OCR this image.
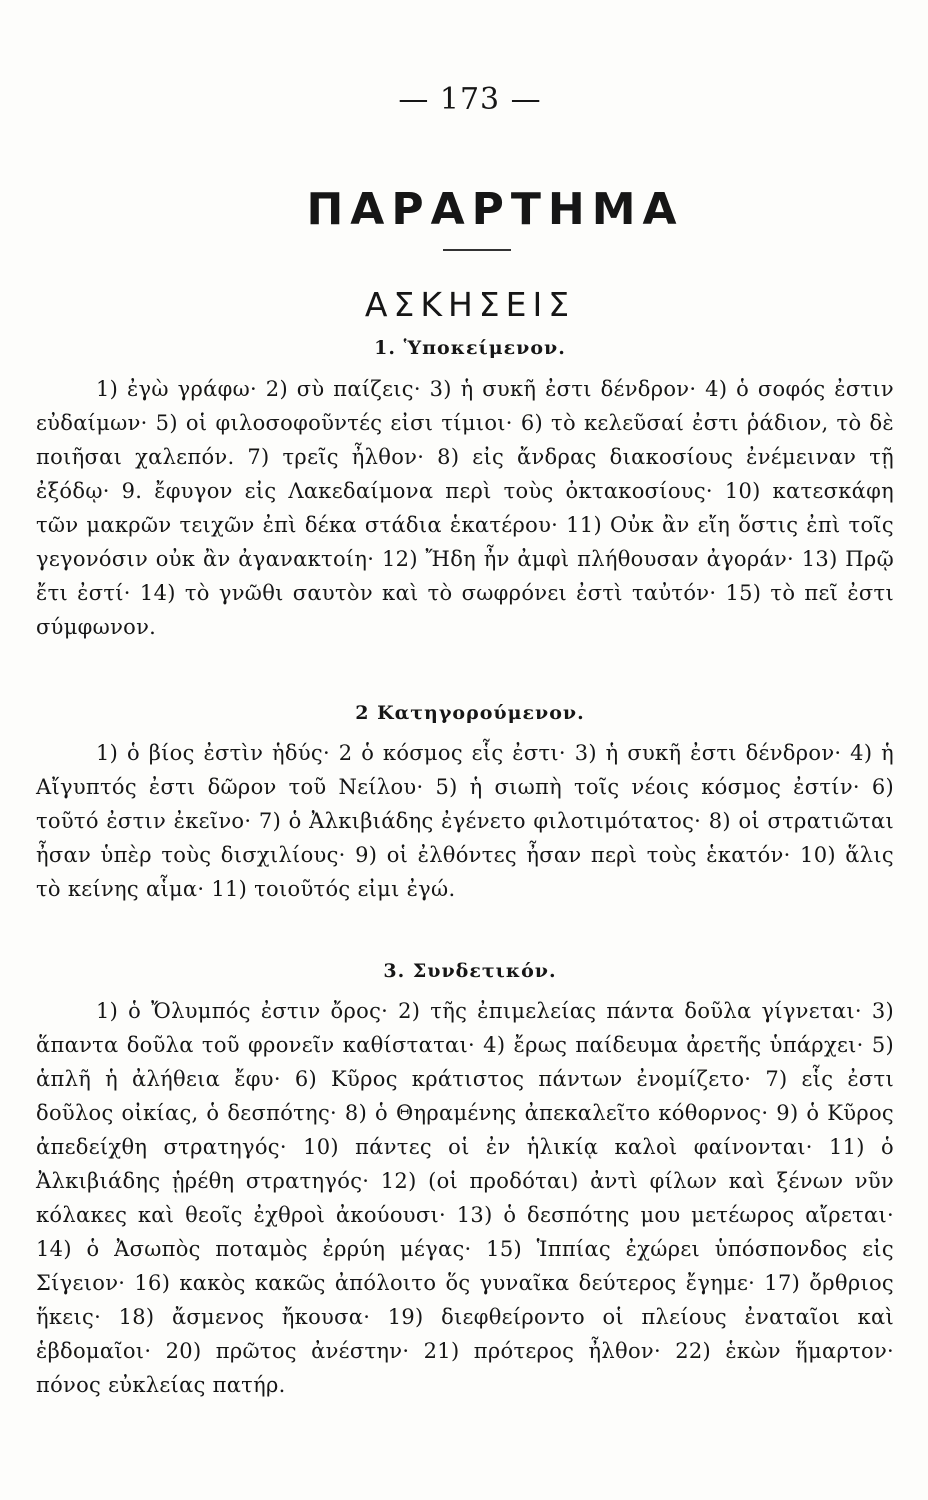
— 173 —
ΠΑΡΑΡΤΗΜΑ
ΑΣΚΗΣΕΙΣ
1. Ὑποκείμενον.
1) ἐγὼ γράφω· 2) σὺ παίζεις· 3) ἡ συκῆ ἐστι δένδρον· 4) ὁ σοφός ἐστιν εὐδαίμων· 5) οἱ φιλοσοφοῦντές εἰσι τίμιοι· 6) τὸ κελεῦσαί ἐστι ῥάδιον, τὸ δὲ ποιῆσαι χαλεπόν. 7) τρεῖς ἦλθον· 8) εἰς ἄνδρας διακοσίους ἐνέμειναν τῇ ἐξόδῳ· 9. ἔφυγον εἰς Λακεδαίμονα περὶ τοὺς ὀκτακοσίους· 10) κατεσκάφη τῶν μακρῶν τειχῶν ἐπὶ δέκα στάδια ἑκατέρου· 11) Οὐκ ἂν εἴη ὅστις ἐπὶ τοῖς γεγονόσιν οὐκ ἂν ἀγανακτοίη· 12) Ἤδη ἦν ἀμφὶ πλήθουσαν ἀγοράν· 13) Πρῷ ἔτι ἐστί· 14) τὸ γνῶθι σαυτὸν καὶ τὸ σωφρόνει ἐστὶ ταὐτόν· 15) τὸ πεῖ ἐστι σύμφωνον.
2 Κατηγορούμενον.
1) ὁ βίος ἐστὶν ἡδύς· 2 ὁ κόσμος εἷς ἐστι· 3) ἡ συκῆ ἐστι δένδρον· 4) ἡ Αἴγυπτός ἐστι δῶρον τοῦ Νείλου· 5) ἡ σιωπὴ τοῖς νέοις κόσμος ἐστίν· 6) τοῦτό ἐστιν ἐκεῖνο· 7) ὁ Ἀλκιβιάδης ἐγένετο φιλοτιμότατος· 8) οἱ στρατιῶται ἦσαν ὑπὲρ τοὺς δισχιλίους· 9) οἱ ἐλθόντες ἦσαν περὶ τοὺς ἑκατόν· 10) ἅλις τὸ κείνης αἷμα· 11) τοιοῦτός εἰμι ἐγώ.
3. Συνδετικόν.
1) ὁ Ὄλυμπός ἐστιν ὄρος· 2) τῆς ἐπιμελείας πάντα δοῦλα γίγνεται· 3) ἅπαντα δοῦλα τοῦ φρονεῖν καθίσταται· 4) ἔρως παίδευμα ἀρετῆς ὑπάρχει· 5) ἁπλῆ ἡ ἀλήθεια ἔφυ· 6) Κῦρος κράτιστος πάντων ἐνομίζετο· 7) εἷς ἐστι δοῦλος οἰκίας, ὁ δεσπότης· 8) ὁ Θηραμένης ἀπεκαλεῖτο κόθορνος· 9) ὁ Κῦρος ἀπεδείχθη στρατηγός· 10) πάντες οἱ ἐν ἡλικίᾳ καλοὶ φαίνονται· 11) ὁ Ἀλκιβιάδης ᾑρέθη στρατηγός· 12) (οἱ προδόται) ἀντὶ φίλων καὶ ξένων νῦν κόλακες καὶ θεοῖς ἐχθροὶ ἀκούουσι· 13) ὁ δεσπότης μου μετέωρος αἴρεται· 14) ὁ Ἀσωπὸς ποταμὸς ἐρρύη μέγας· 15) Ἱππίας ἐχώρει ὑπόσπονδος εἰς Σίγειον· 16) κακὸς κακῶς ἀπόλοιτο ὅς γυναῖκα δεύτερος ἔγημε· 17) ὄρθριος ἥκεις· 18) ἄσμενος ἤκουσα· 19) διεφθείροντο οἱ πλείους ἐναταῖοι καὶ ἑβδομαῖοι· 20) πρῶτος ἀνέστην· 21) πρότερος ἦλθον· 22) ἑκὼν ἥμαρτον· πόνος εὐκλείας πατήρ.
